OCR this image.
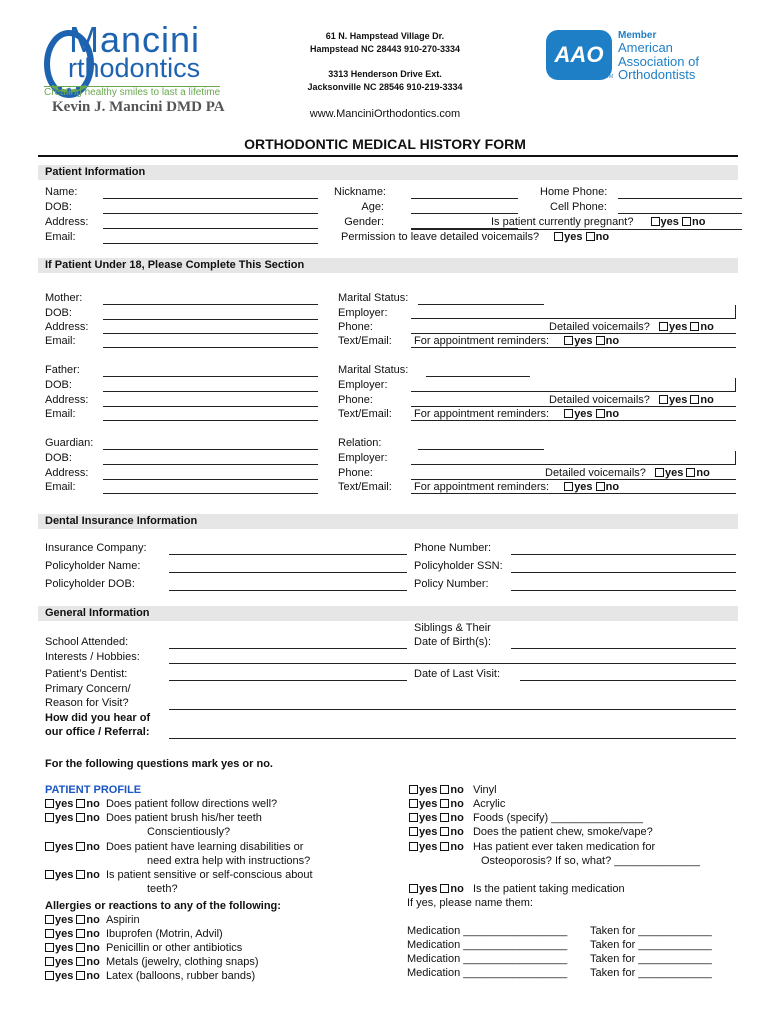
Mancini
rthodontics
Creating healthy smiles to last a lifetime
Kevin J. Mancini DMD PA
61 N. Hampstead Village Dr.
Hampstead NC 28443 910-270-3334
3313 Henderson Drive Ext.
Jacksonville NC 28546 910-219-3334
www.ManciniOrthodontics.com
AAO
Member
American
Association of
Orthodontists
TM
ORTHODONTIC MEDICAL HISTORY FORM
Patient Information
Name:
DOB:
Address:
Email:
Nickname:
Age:
Gender:
Permission to leave detailed voicemails? yes no
Home Phone:
Cell Phone:
Is patient currently pregnant? yes no
If Patient Under 18, Please Complete This Section
Mother:
DOB:
Address:
Email:
Marital Status:
Employer:
Phone:
Text/Email:
Detailed voicemails? yes no
For appointment reminders: yes no
Father:
DOB:
Address:
Email:
Marital Status:
Employer:
Phone:
Text/Email:
Detailed voicemails? yes no
For appointment reminders: yes no
Guardian:
DOB:
Address:
Email:
Relation:
Employer:
Phone:
Text/Email:
Detailed voicemails? yes no
For appointment reminders: yes no
Dental Insurance Information
Insurance Company:
Policyholder Name:
Policyholder DOB:
Phone Number:
Policyholder SSN:
Policy Number:
General Information
School Attended:
Interests / Hobbies:
Patient’s Dentist:
Primary Concern/
Reason for Visit?
How did you hear of
our office / Referral:
Siblings & Their
Date of Birth(s):
Date of Last Visit:
For the following questions mark yes or no.
PATIENT PROFILE
yes no Does patient follow directions well?
yes no Does patient brush his/her teeth
Conscientiously?
yes no Does patient have learning disabilities or
need extra help with instructions?
yes no Is patient sensitive or self-conscious about
teeth?
Allergies or reactions to any of the following:
yes no Aspirin
yes no Ibuprofen (Motrin, Advil)
yes no Penicillin or other antibiotics
yes no Metals (jewelry, clothing snaps)
yes no Latex (balloons, rubber bands)
yes no Vinyl
yes no Acrylic
yes no Foods (specify) _______________
yes no Does the patient chew, smoke/vape?
yes no Has patient ever taken medication for
Osteoporosis? If so, what? ______________
yes no Is the patient taking medication
If yes, please name them:
Medication _________________
Medication _________________
Medication _________________
Medication _________________
Taken for ____________
Taken for ____________
Taken for ____________
Taken for ____________
